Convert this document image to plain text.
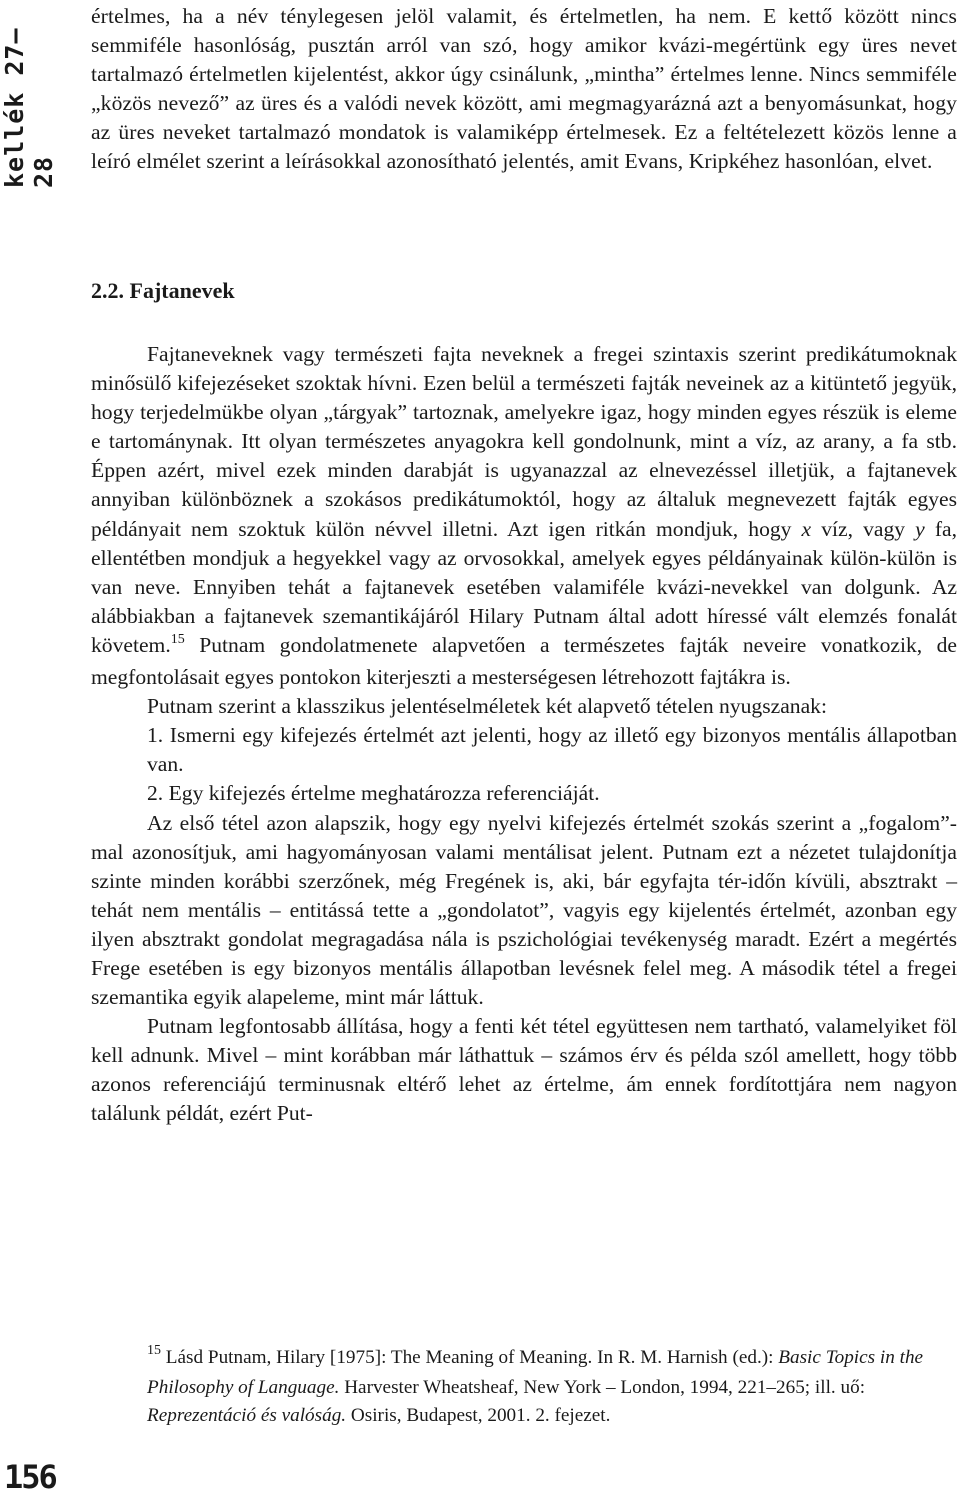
kellék 27–28

értelmes, ha a név ténylegesen jelöl valamit, és értelmetlen, ha nem. E kettő között nincs semmiféle hasonlóság, pusztán arról van szó, hogy amikor kvázi-megértünk egy üres nevet tartalmazó értelmetlen kijelentést, akkor úgy csinálunk, „mintha” értelmes lenne. Nincs semmiféle „közös nevező” az üres és a valódi nevek között, ami megmagyarázná azt a benyomásunkat, hogy az üres neveket tartalmazó mondatok is valamiképp értelmesek. Ez a feltételezett közös lenne a leíró elmélet szerint a leírásokkal azonosítható jelentés, amit Evans, Kripkéhez hasonlóan, elvet.

2.2. Fajtanevek

Fajtaneveknek vagy természeti fajta neveknek a fregei szintaxis szerint predikátumoknak minősülő kifejezéseket szoktak hívni. Ezen belül a természeti fajták neveinek az a kitüntető jegyük, hogy terjedelmükbe olyan „tárgyak” tartoznak, amelyekre igaz, hogy minden egyes részük is eleme e tartománynak. Itt olyan természetes anyagokra kell gondolnunk, mint a víz, az arany, a fa stb. Éppen azért, mivel ezek minden darabját is ugyanazzal az elnevezéssel illetjük, a fajtanevek annyiban különböznek a szokásos predikátumoktól, hogy az általuk megnevezett fajták egyes példányait nem szoktuk külön névvel illetni. Azt igen ritkán mondjuk, hogy x víz, vagy y fa, ellentétben mondjuk a hegyekkel vagy az orvosokkal, amelyek egyes példányainak külön-külön is van neve. Ennyiben tehát a fajtanevek esetében valamiféle kvázi-nevekkel van dolgunk. Az alábbiakban a fajtanevek szemantikájáról Hilary Putnam által adott híressé vált elemzés fonalát követem.$^{15}$ Putnam gondolatmenete alapvetően a természetes fajták neveire vonatkozik, de megfontolásait egyes pontokon kiterjeszti a mesterségesen létrehozott fajtákra is.

Putnam szerint a klasszikus jelentéselméletek két alapvető tételen nyugszanak:

1. Ismerni egy kifejezés értelmét azt jelenti, hogy az illető egy bizonyos mentális állapotban van.

2. Egy kifejezés értelme meghatározza referenciáját.

Az első tétel azon alapszik, hogy egy nyelvi kifejezés értelmét szokás szerint a „fogalom”-mal azonosítjuk, ami hagyományosan valami mentálisat jelent. Putnam ezt a nézetet tulajdonítja szinte minden korábbi szerzőnek, még Fregének is, aki, bár egyfajta tér-időn kívüli, absztrakt – tehát nem mentális – entitássá tette a „gondolatot”, vagyis egy kijelentés értelmét, azonban egy ilyen absztrakt gondolat megragadása nála is pszichológiai tevékenység maradt. Ezért a megértés Frege esetében is egy bizonyos mentális állapotban levésnek felel meg. A második tétel a fregei szemantika egyik alapeleme, mint már láttuk.

Putnam legfontosabb állítása, hogy a fenti két tétel együttesen nem tartható, valamelyiket föl kell adnunk. Mivel – mint korábban már láthattuk – számos érv és példa szól amellett, hogy több azonos referenciájú terminusnak eltérő lehet az értelme, ám ennek fordítottjára nem nagyon találunk példát, ezért Put-

$^{15}$ Lásd Putnam, Hilary [1975]: The Meaning of Meaning. In R. M. Harnish (ed.): Basic Topics in the Philosophy of Language. Harvester Wheatsheaf, New York – London, 1994, 221–265; ill. uő: Reprezentáció és valóság. Osiris, Budapest, 2001. 2. fejezet.

156
